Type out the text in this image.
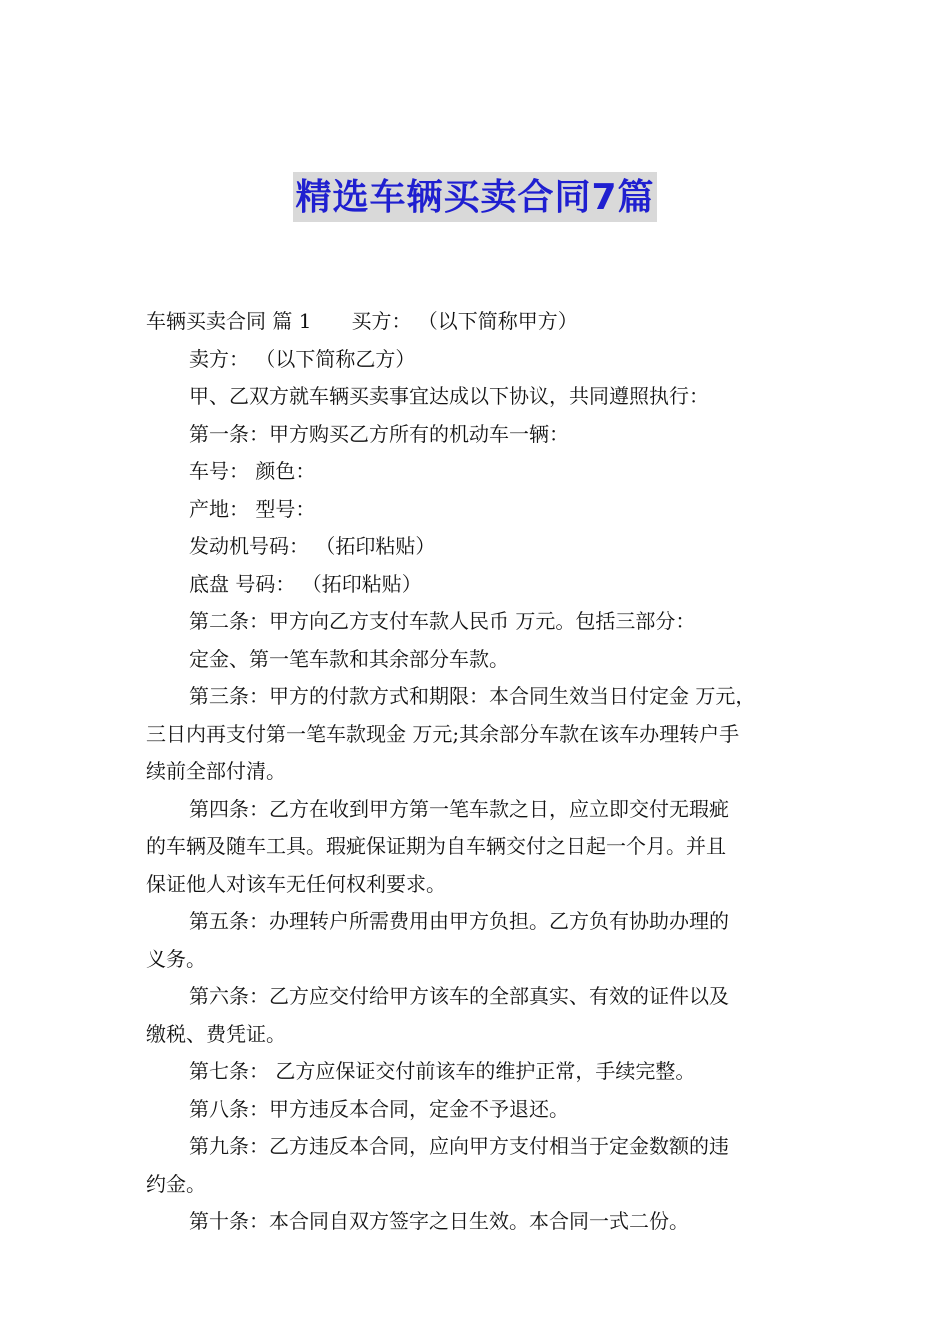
精选车辆买卖合同7篇

车辆买卖合同 篇 1 买方： （以下简称甲方）

卖方： （以下简称乙方）

甲、乙双方就车辆买卖事宜达成以下协议，共同遵照执行：

第一条：甲方购买乙方所有的机动车一辆：

车号： 颜色：

产地： 型号：

发动机号码： （拓印粘贴）

底盘 号码： （拓印粘贴）

第二条：甲方向乙方支付车款人民币 万元。包括三部分：

定金、第一笔车款和其余部分车款。

第三条：甲方的付款方式和期限：本合同生效当日付定金 万元，

三日内再支付第一笔车款现金 万元;其余部分车款在该车办理转户手

续前全部付清。

第四条：乙方在收到甲方第一笔车款之日，应立即交付无瑕疵

的车辆及随车工具。瑕疵保证期为自车辆交付之日起一个月。并且

保证他人对该车无任何权利要求。

第五条：办理转户所需费用由甲方负担。乙方负有协助办理的

义务。

第六条：乙方应交付给甲方该车的全部真实、有效的证件以及

缴税、费凭证。

第七条： 乙方应保证交付前该车的维护正常，手续完整。

第八条：甲方违反本合同，定金不予退还。

第九条：乙方违反本合同，应向甲方支付相当于定金数额的违

约金。

第十条：本合同自双方签字之日生效。本合同一式二份。
